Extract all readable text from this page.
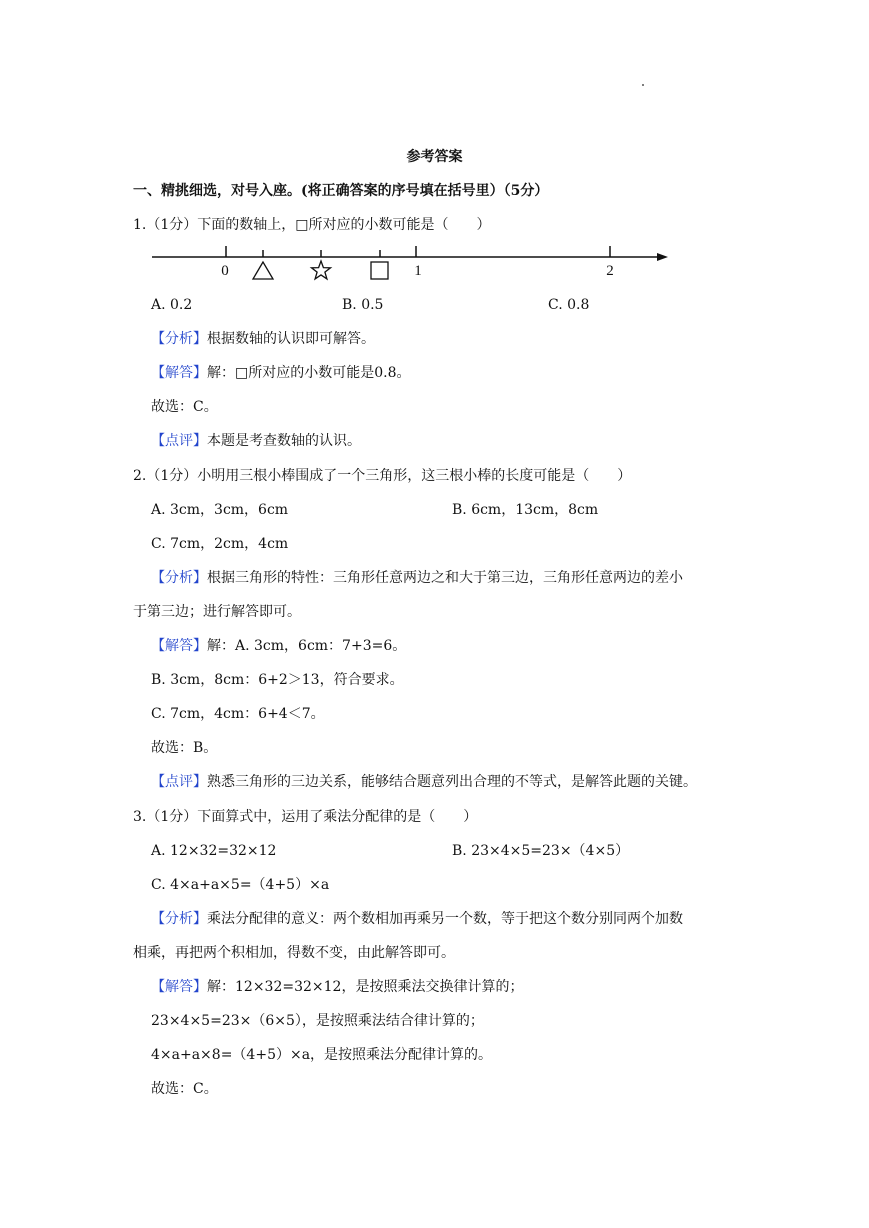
参考答案
一、精挑细选，对号入座。(将正确答案的序号填在括号里）（5分）
1.（1分）下面的数轴上，□所对应的小数可能是（　　）
0	1	2
A. 0.2	B. 0.5	C. 0.8
【分析】根据数轴的认识即可解答。
【解答】解：□所对应的小数可能是0.8。
故选：C。
【点评】本题是考查数轴的认识。
2.（1分）小明用三根小棒围成了一个三角形，这三根小棒的长度可能是（　　）
A. 3cm，3cm，6cm	B. 6cm，13cm，8cm
C. 7cm，2cm，4cm
【分析】根据三角形的特性：三角形任意两边之和大于第三边，三角形任意两边的差小
于第三边；进行解答即可。
【解答】解：A. 3cm，6cm：7+3=6。
B. 3cm，8cm：6+2＞13，符合要求。
C. 7cm，4cm：6+4＜7。
故选：B。
【点评】熟悉三角形的三边关系，能够结合题意列出合理的不等式，是解答此题的关键。
3.（1分）下面算式中，运用了乘法分配律的是（　　）
A. 12×32=32×12	B. 23×4×5=23×（4×5）
C. 4×a+a×5=（4+5）×a
【分析】乘法分配律的意义：两个数相加再乘另一个数，等于把这个数分别同两个加数
相乘，再把两个积相加，得数不变，由此解答即可。
【解答】解：12×32=32×12，是按照乘法交换律计算的；
23×4×5=23×（6×5），是按照乘法结合律计算的；
4×a+a×8=（4+5）×a，是按照乘法分配律计算的。
故选：C。
